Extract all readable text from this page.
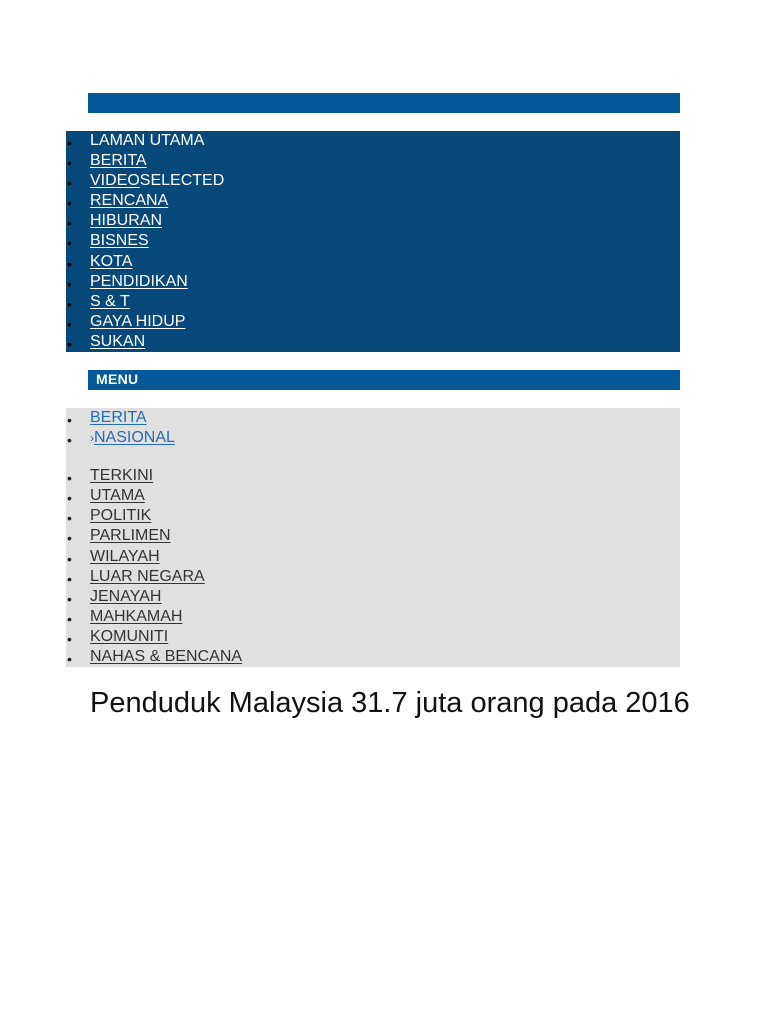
• LAMAN UTAMA
• BERITA
• VIDEOSELECTED
• RENCANA
• HIBURAN
• BISNES
• KOTA
• PENDIDIKAN
• S & T
• GAYA HIDUP
• SUKAN
MENU
• BERITA
• ›NASIONAL
• TERKINI
• UTAMA
• POLITIK
• PARLIMEN
• WILAYAH
• LUAR NEGARA
• JENAYAH
• MAHKAMAH
• KOMUNITI
• NAHAS & BENCANA
Penduduk Malaysia 31.7 juta orang pada 2016
